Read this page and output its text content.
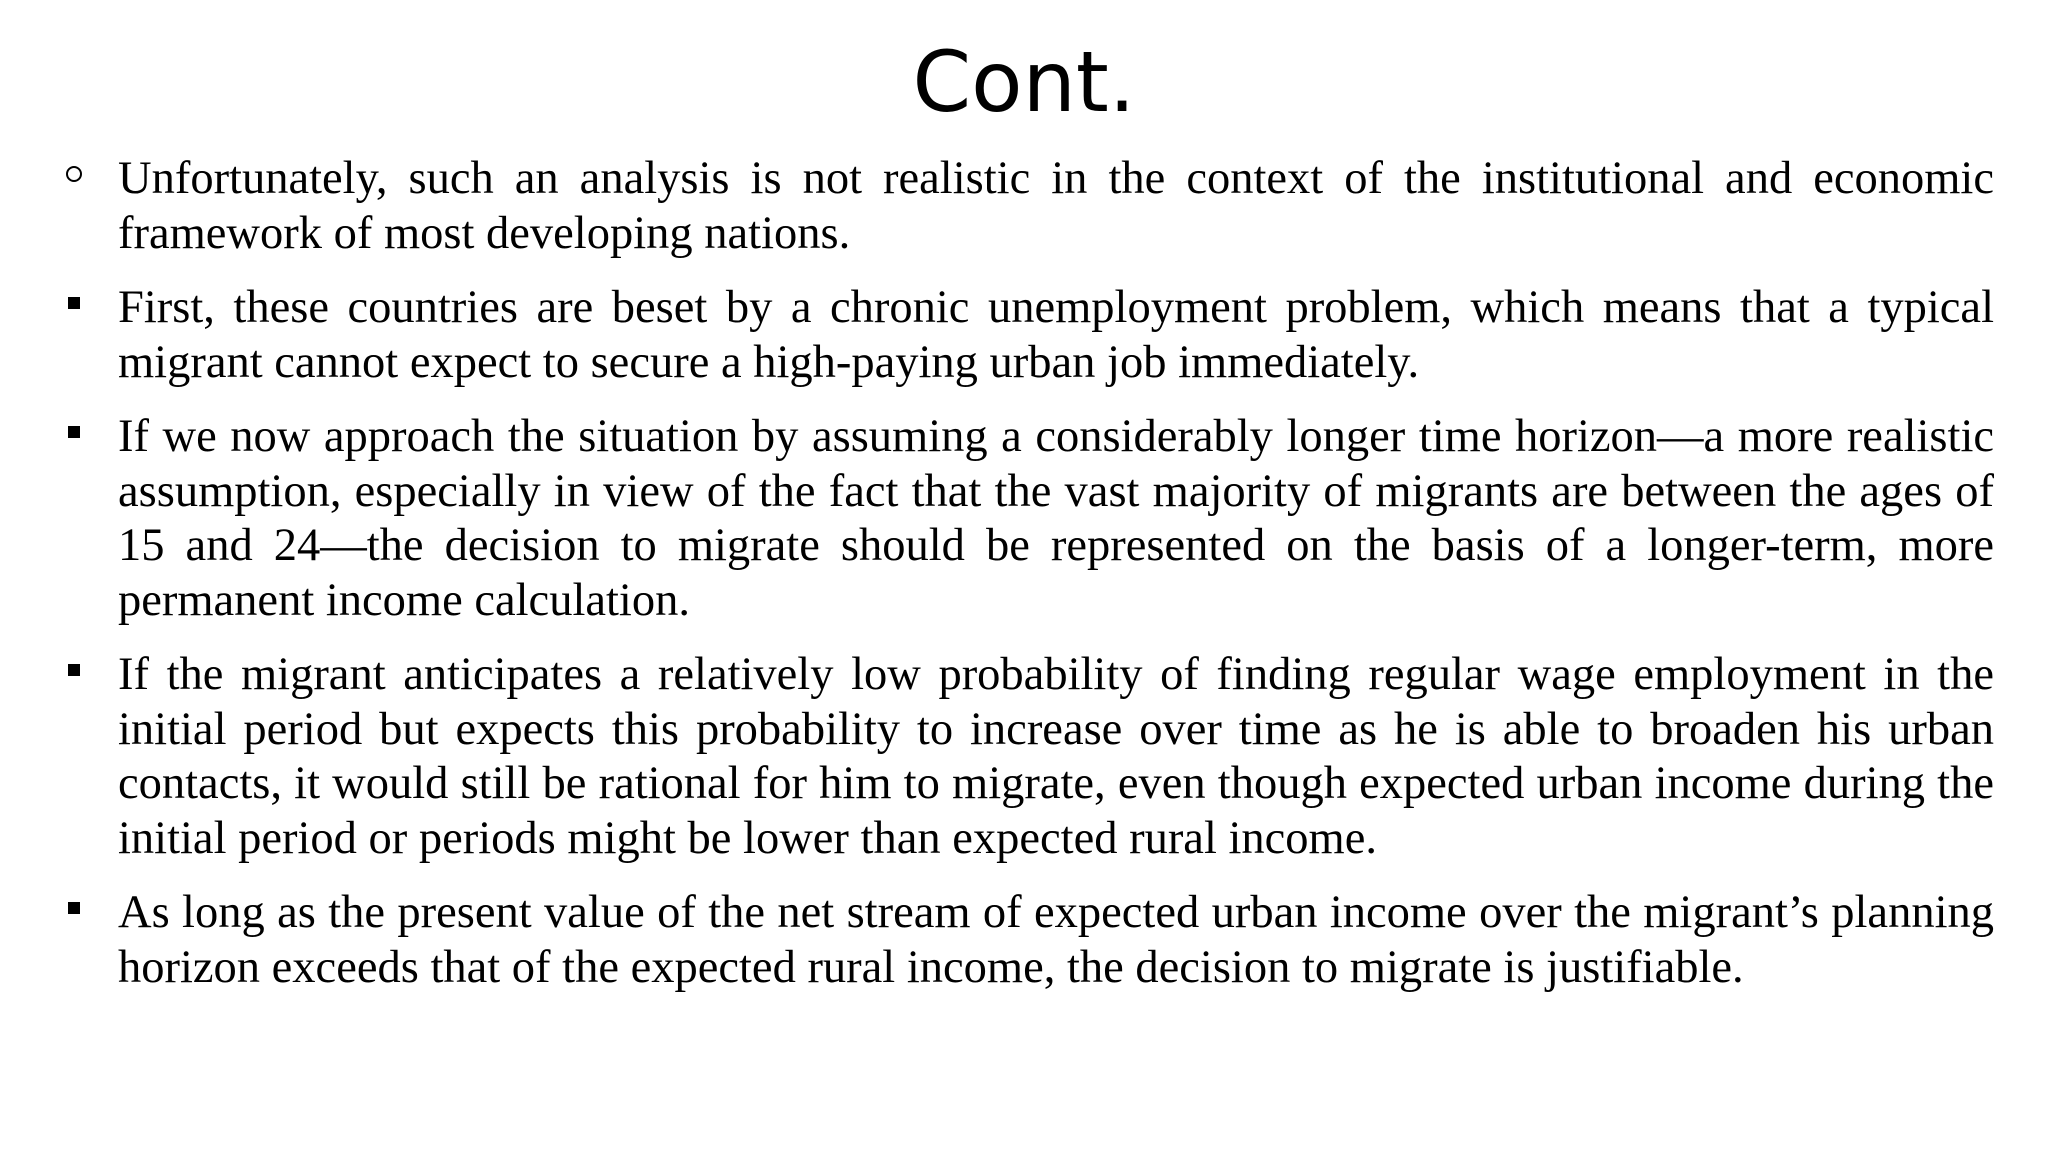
Cont.

Unfortunately, such an analysis is not realistic in the context of the institutional and economic framework of most developing nations.

First, these countries are beset by a chronic unemployment problem, which means that a typical migrant cannot expect to secure a high-paying urban job immediately.

If we now approach the situation by assuming a considerably longer time horizon—a more realistic assumption, especially in view of the fact that the vast majority of migrants are between the ages of 15 and 24—the decision to migrate should be represented on the basis of a longer-term, more permanent income calculation.

If the migrant anticipates a relatively low probability of finding regular wage employment in the initial period but expects this probability to increase over time as he is able to broaden his urban contacts, it would still be rational for him to migrate, even though expected urban income during the initial period or periods might be lower than expected rural income.

As long as the present value of the net stream of expected urban income over the migrant’s planning horizon exceeds that of the expected rural income, the decision to migrate is justifiable.
